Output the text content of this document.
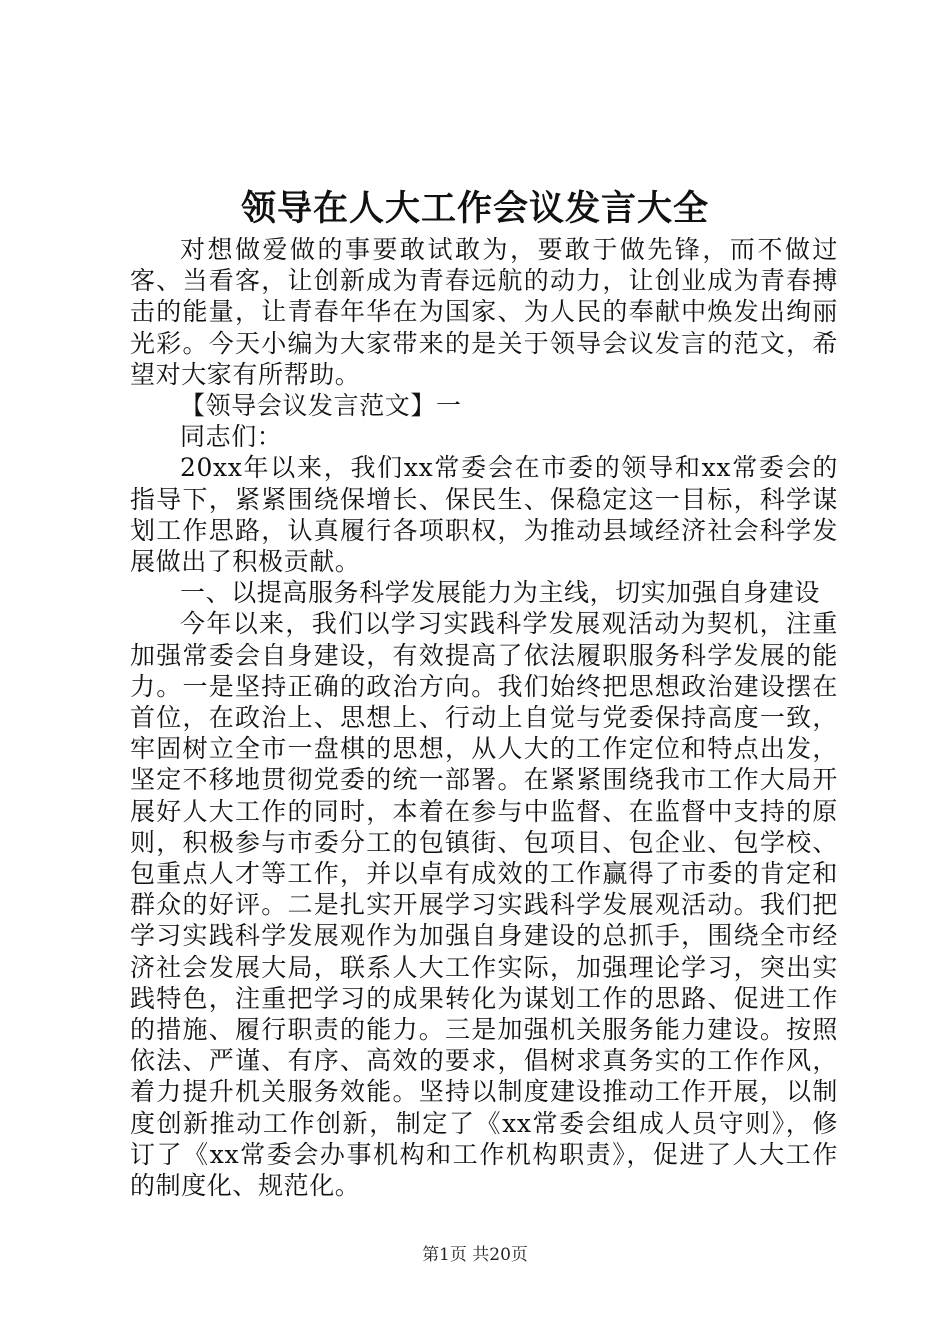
领导在人大工作会议发言大全

对想做爱做的事要敢试敢为，要敢于做先锋，而不做过客、当看客，让创新成为青春远航的动力，让创业成为青春搏击的能量，让青春年华在为国家、为人民的奉献中焕发出绚丽光彩。今天小编为大家带来的是关于领导会议发言的范文，希望对大家有所帮助。

【领导会议发言范文】一

同志们：

20xx年以来，我们xx常委会在市委的领导和xx常委会的指导下，紧紧围绕保增长、保民生、保稳定这一目标，科学谋划工作思路，认真履行各项职权，为推动县域经济社会科学发展做出了积极贡献。

一、以提高服务科学发展能力为主线，切实加强自身建设

今年以来，我们以学习实践科学发展观活动为契机，注重加强常委会自身建设，有效提高了依法履职服务科学发展的能力。一是坚持正确的政治方向。我们始终把思想政治建设摆在首位，在政治上、思想上、行动上自觉与党委保持高度一致，牢固树立全市一盘棋的思想，从人大的工作定位和特点出发，坚定不移地贯彻党委的统一部署。在紧紧围绕我市工作大局开展好人大工作的同时，本着在参与中监督、在监督中支持的原则，积极参与市委分工的包镇街、包项目、包企业、包学校、包重点人才等工作，并以卓有成效的工作赢得了市委的肯定和群众的好评。二是扎实开展学习实践科学发展观活动。我们把学习实践科学发展观作为加强自身建设的总抓手，围绕全市经济社会发展大局，联系人大工作实际，加强理论学习，突出实践特色，注重把学习的成果转化为谋划工作的思路、促进工作的措施、履行职责的能力。三是加强机关服务能力建设。按照依法、严谨、有序、高效的要求，倡树求真务实的工作作风，着力提升机关服务效能。坚持以制度建设推动工作开展，以制度创新推动工作创新，制定了《xx常委会组成人员守则》，修订了《xx常委会办事机构和工作机构职责》，促进了人大工作的制度化、规范化。

第1页 共20页
